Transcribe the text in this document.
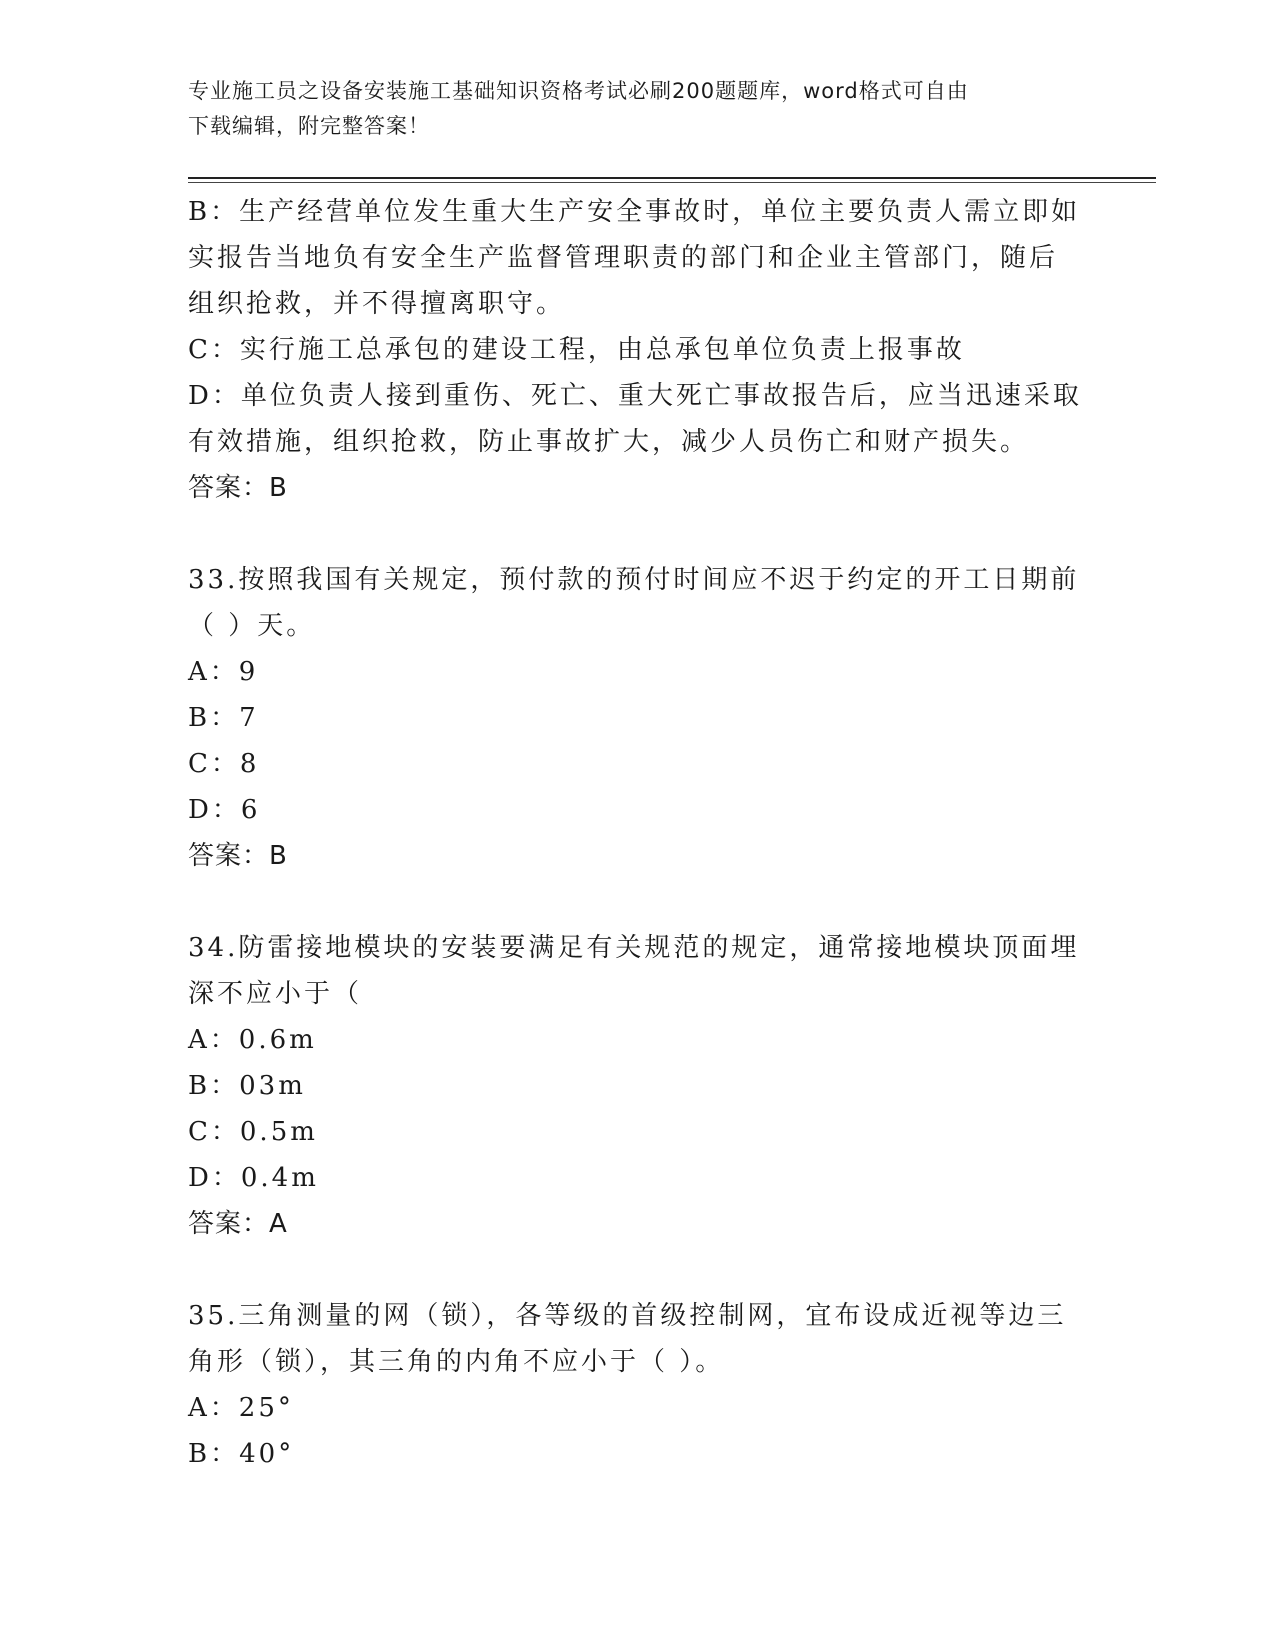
专业施工员之设备安装施工基础知识资格考试必刷200题题库，word格式可自由
下载编辑，附完整答案！
B：生产经营单位发生重大生产安全事故时，单位主要负责人需立即如
实报告当地负有安全生产监督管理职责的部门和企业主管部门，随后
组织抢救，并不得擅离职守。
C：实行施工总承包的建设工程，由总承包单位负责上报事故
D：单位负责人接到重伤、死亡、重大死亡事故报告后，应当迅速采取
有效措施，组织抢救，防止事故扩大，减少人员伤亡和财产损失。
答案：B
33.按照我国有关规定，预付款的预付时间应不迟于约定的开工日期前
（ ）天。
A：9
B：7
C：8
D：6
答案：B
34.防雷接地模块的安装要满足有关规范的规定，通常接地模块顶面埋
深不应小于（
A：0.6m
B：03m
C：0.5m
D：0.4m
答案：A
35.三角测量的网（锁），各等级的首级控制网，宜布设成近视等边三
角形（锁），其三角的内角不应小于（ ）。
A：25°
B：40°
